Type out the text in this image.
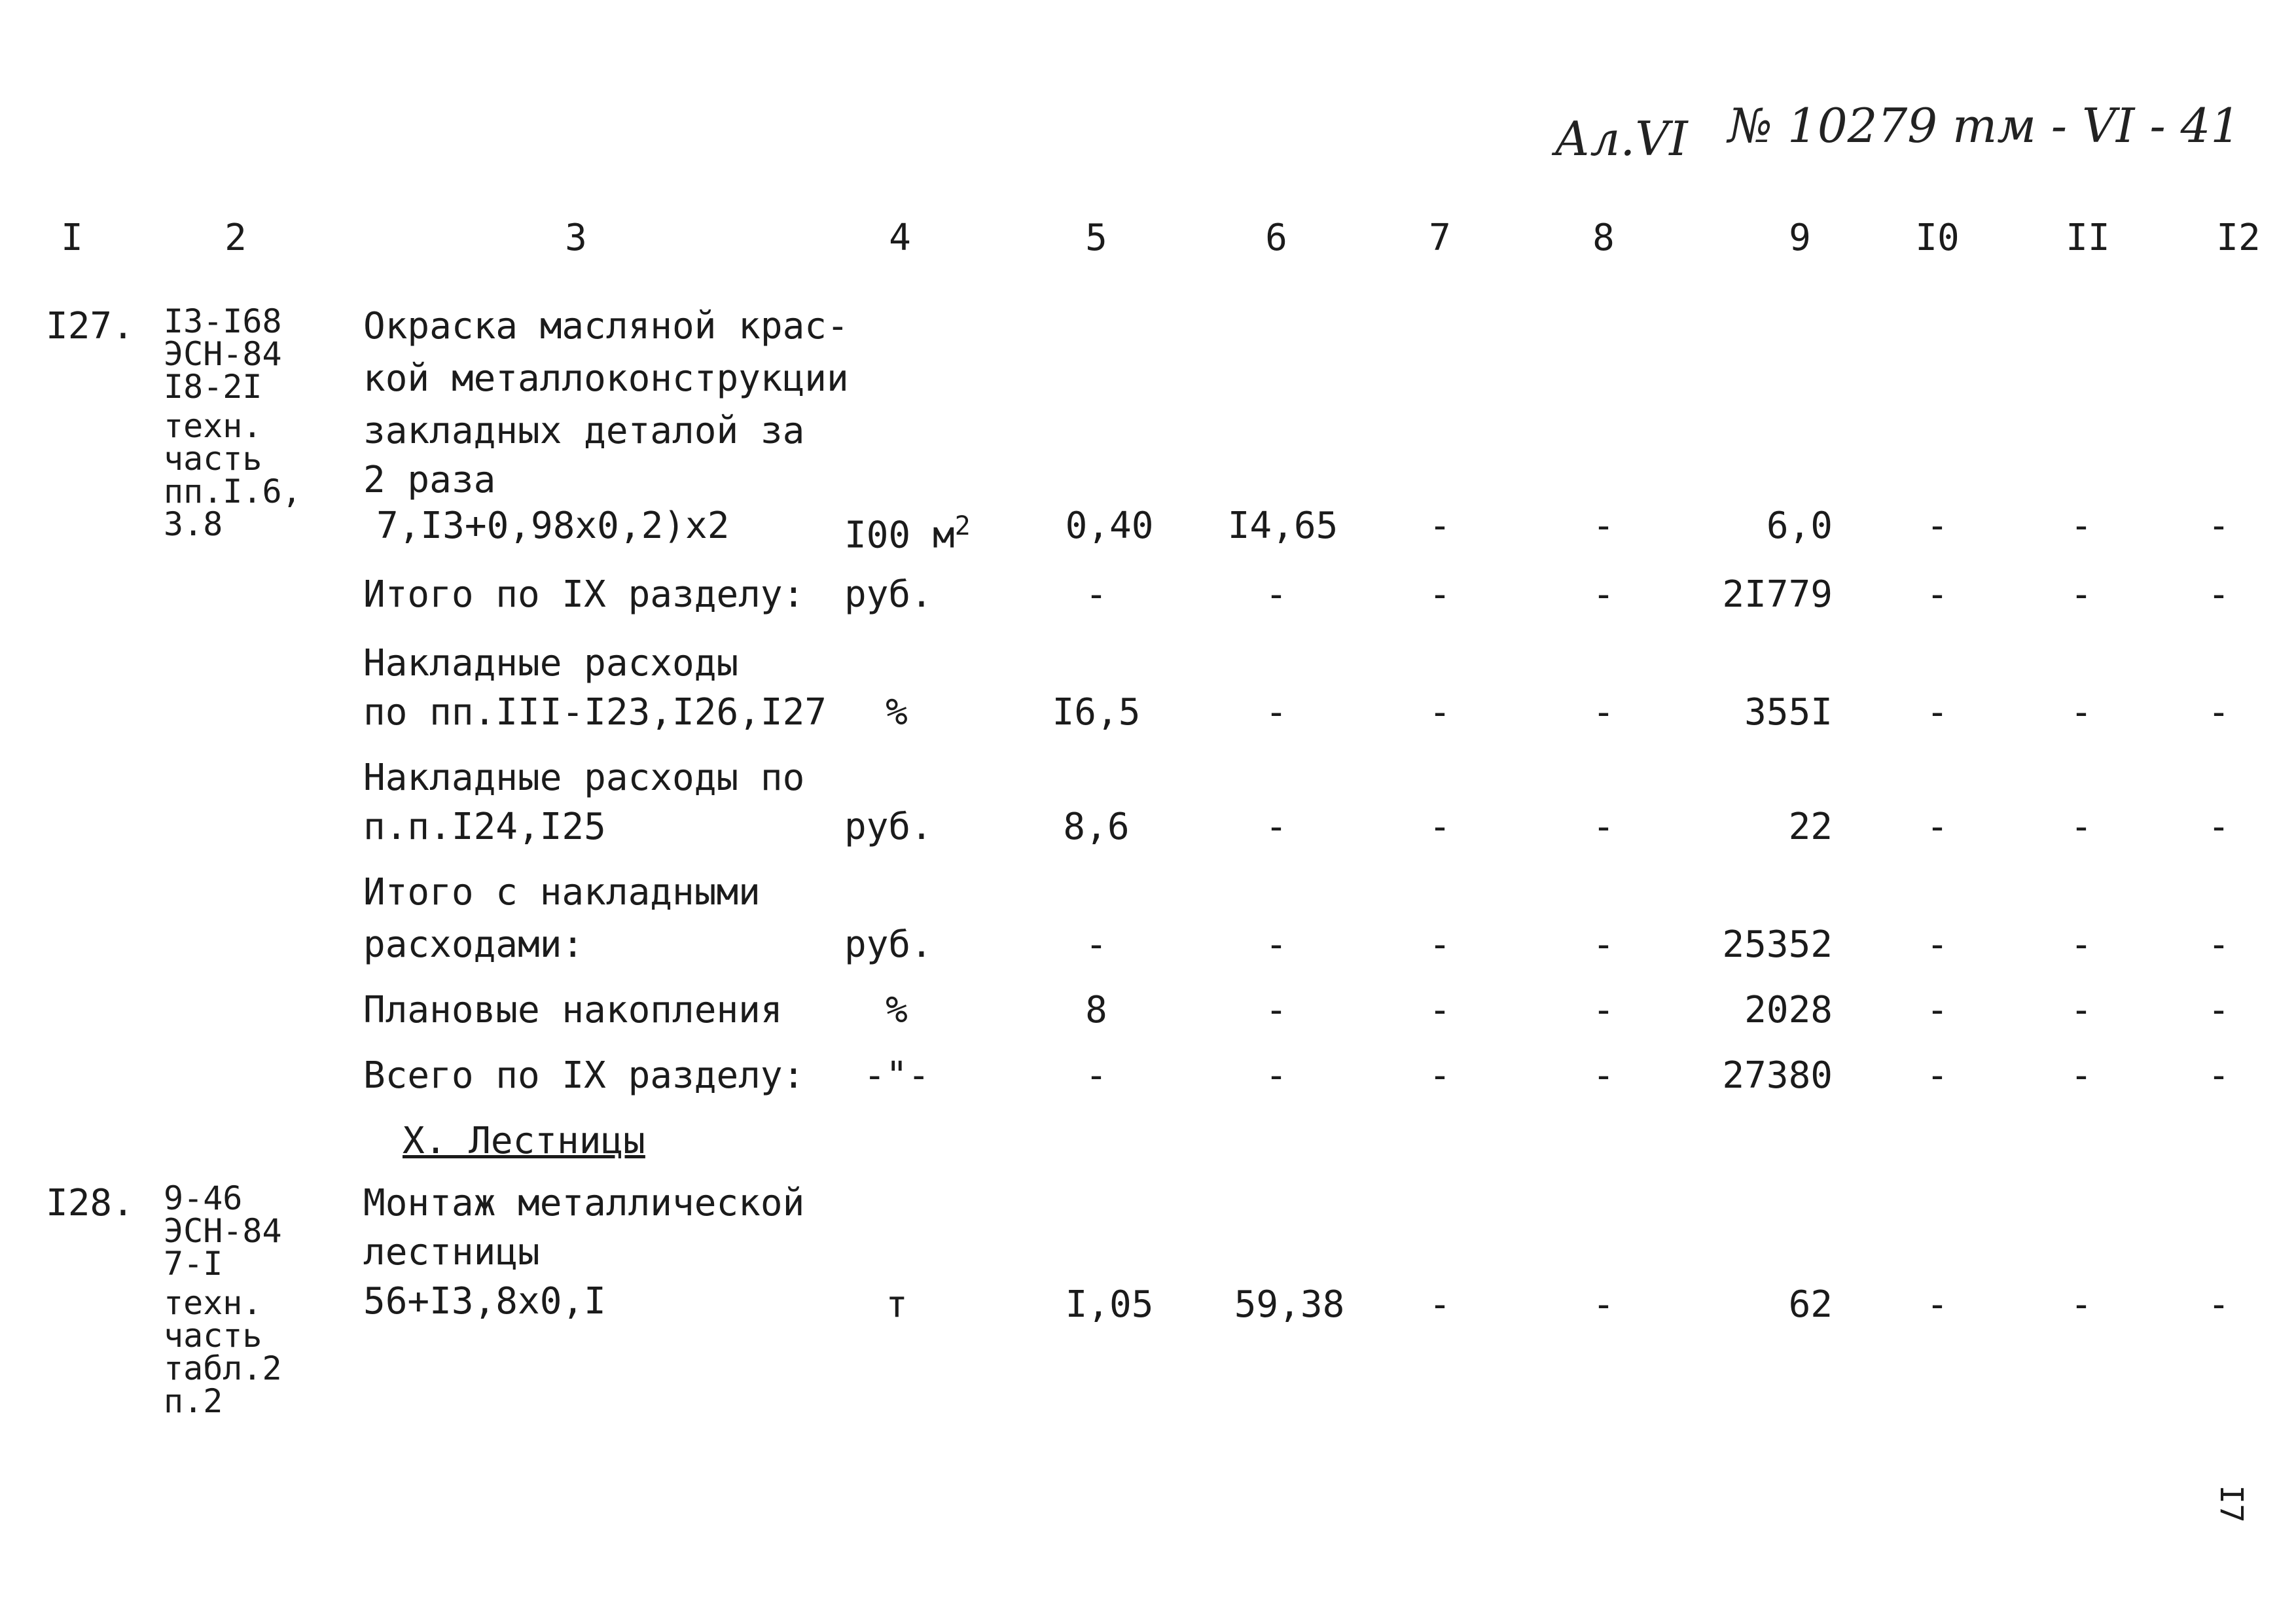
Ал.VI № 10279 тм - VI - 41
I	2	3	4	5	6	7	8	9	I0	II	I2
I27. I3-I68
ЭСН-84
I8-2I
техн.
часть
пп.I.6,
3.8
Окраска масляной крас-
кой металлоконструкции
закладных деталой за
2 раза
7,I3+0,98х0,2)х2	I00 $м^2$	0,40	I4,65	-	-	6,0	-	-	-
Итого по IX разделу: руб.	-	-	-	-	2I779	-	-	-
Накладные расходы
по пп.III-I23,I26,I27	%	I6,5	-	-	-	355I	-	-	-
Накладные расходы по
п.п.I24,I25	руб.	8,6	-	-	-	22	-	-	-
Итого с накладными
расходами:	руб.	-	-	-	-	25352	-	-	-
Плановые накопления	%	8	-	-	-	2028	-	-	-
Всего по IX разделу:	-"-	-	-	-	-	27380	-	-	-
X. Лестницы
I28. 9-46
ЭСН-84
7-I
техн.
часть
табл.2
п.2
Монтаж металлической
лестницы
56+I3,8х0,I	т	I,05	59,38	-	-	62	-	-	-
I7
